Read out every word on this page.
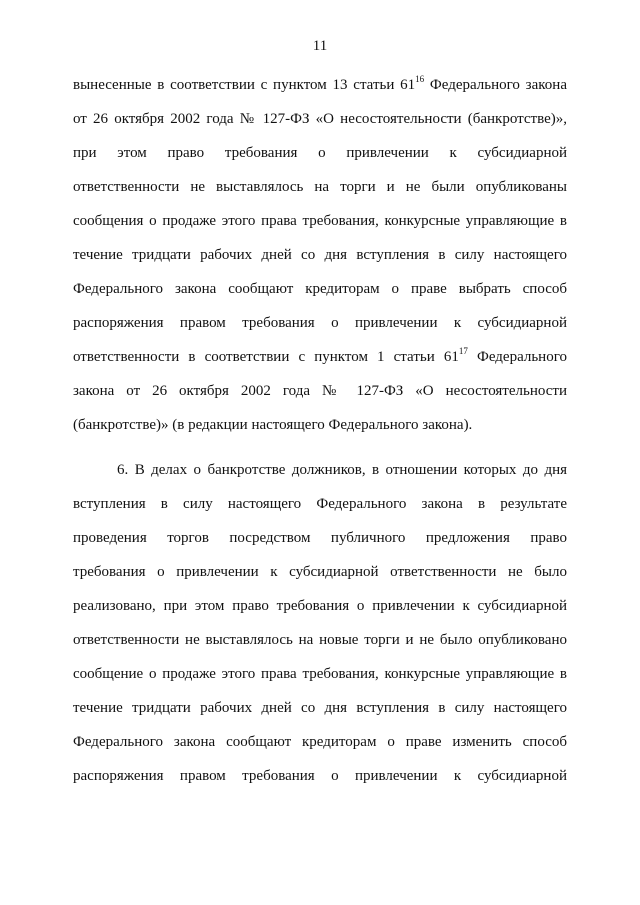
11
вынесенные в соответствии с пунктом 13 статьи $61^{16}$ Федерального закона
от 26 октября 2002 года № 127-ФЗ «О несостоятельности (банкротстве)»,
при этом право требования о привлечении к субсидиарной
ответственности не выставлялось на торги и не были опубликованы
сообщения о продаже этого права требования, конкурсные управляющие в
течение тридцати рабочих дней со дня вступления в силу настоящего
Федерального закона сообщают кредиторам о праве выбрать способ
распоряжения правом требования о привлечении к субсидиарной
ответственности в соответствии с пунктом 1 статьи $61^{17}$ Федерального
закона от 26 октября 2002 года № 127-ФЗ «О несостоятельности
(банкротстве)» (в редакции настоящего Федерального закона).
6. В делах о банкротстве должников, в отношении которых до дня
вступления в силу настоящего Федерального закона в результате
проведения торгов посредством публичного предложения право
требования о привлечении к субсидиарной ответственности не было
реализовано, при этом право требования о привлечении к субсидиарной
ответственности не выставлялось на новые торги и не было опубликовано
сообщение о продаже этого права требования, конкурсные управляющие в
течение тридцати рабочих дней со дня вступления в силу настоящего
Федерального закона сообщают кредиторам о праве изменить способ
распоряжения правом требования о привлечении к субсидиарной
